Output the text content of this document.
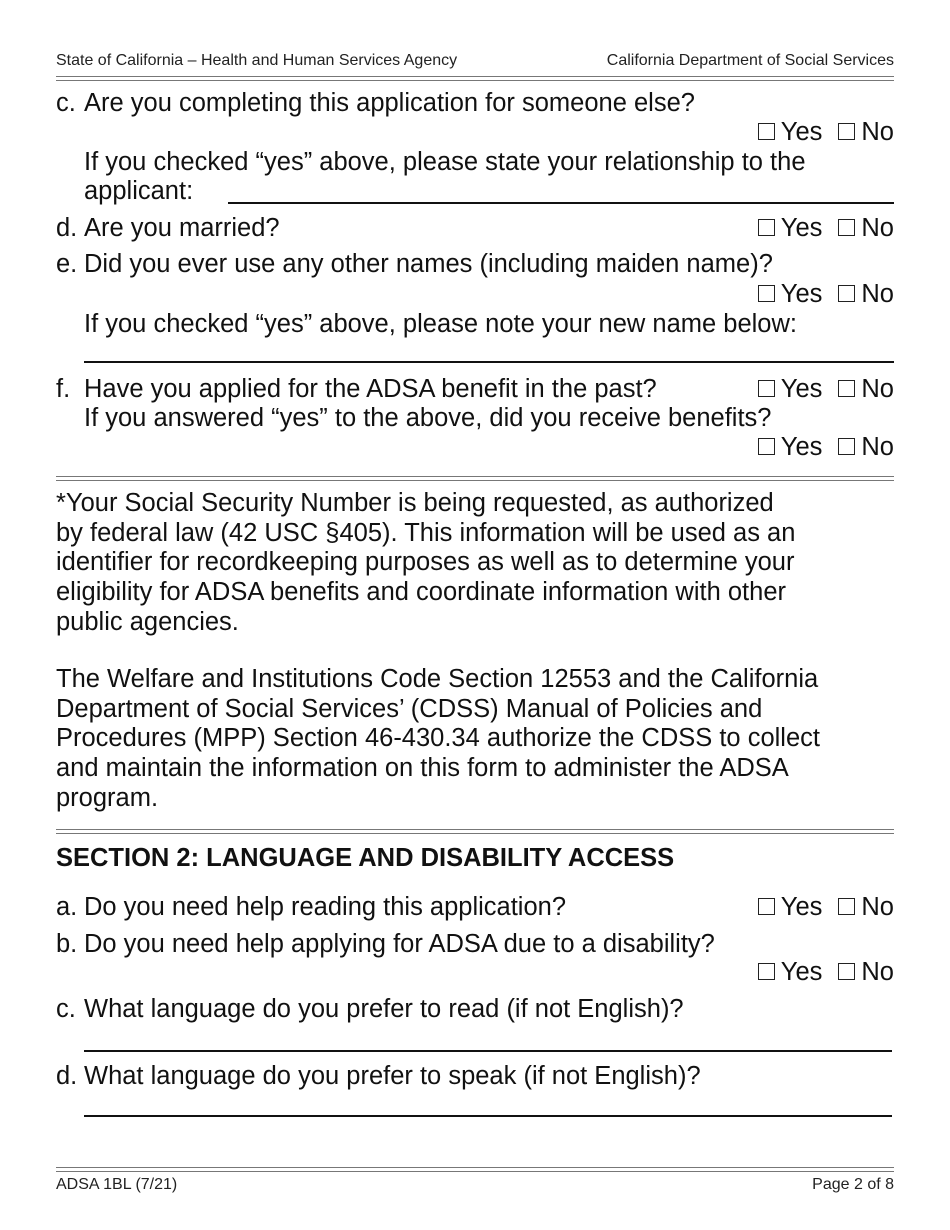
State of California – Health and Human Services Agency	California Department of Social Services
c. Are you completing this application for someone else?
Yes No
If you checked “yes” above, please state your relationship to the
applicant:
d. Are you married?	Yes No
e. Did you ever use any other names (including maiden name)?
Yes No
If you checked “yes” above, please note your new name below:
f. Have you applied for the ADSA benefit in the past?	Yes No
If you answered “yes” to the above, did you receive benefits?
Yes No
*Your Social Security Number is being requested, as authorized
by federal law (42 USC §405). This information will be used as an
identifier for recordkeeping purposes as well as to determine your
eligibility for ADSA benefits and coordinate information with other
public agencies.
The Welfare and Institutions Code Section 12553 and the California
Department of Social Services’ (CDSS) Manual of Policies and
Procedures (MPP) Section 46-430.34 authorize the CDSS to collect
and maintain the information on this form to administer the ADSA
program.
SECTION 2: LANGUAGE AND DISABILITY ACCESS
a. Do you need help reading this application?	Yes No
b. Do you need help applying for ADSA due to a disability?
Yes No
c. What language do you prefer to read (if not English)?
d. What language do you prefer to speak (if not English)?
ADSA 1BL (7/21)	Page 2 of 8
